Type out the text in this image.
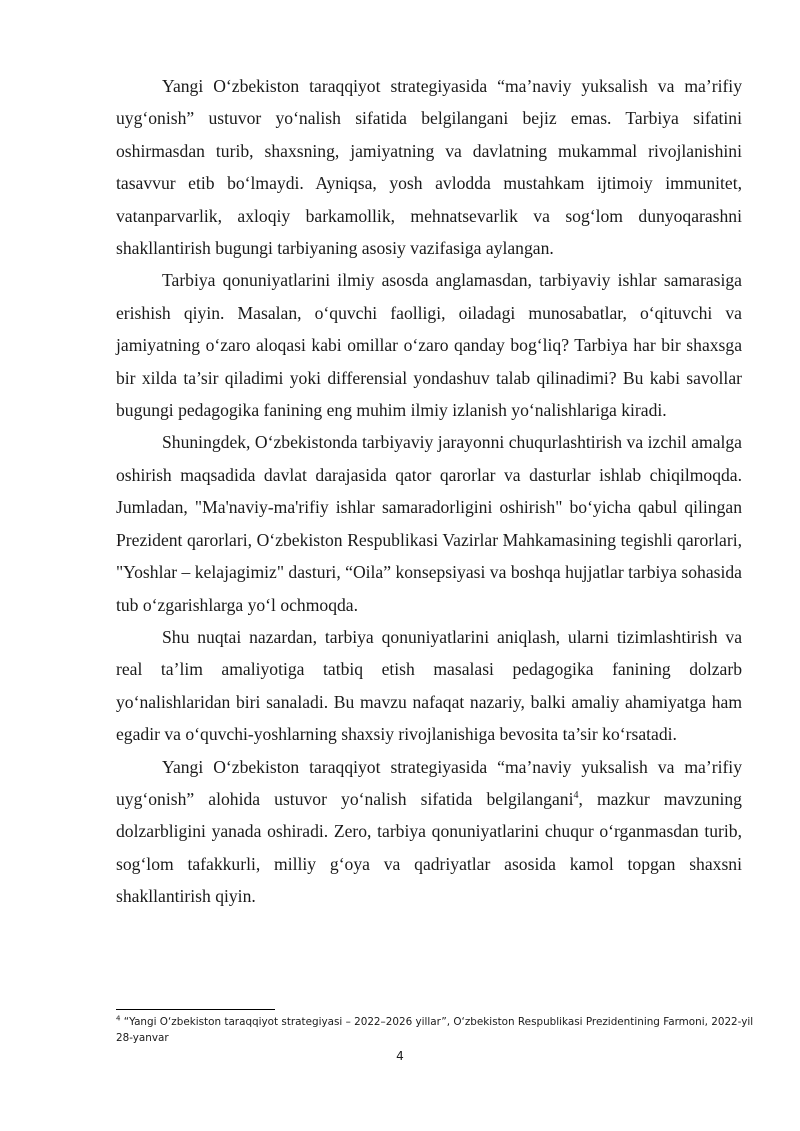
Yangi O‘zbekiston taraqqiyot strategiyasida “ma’naviy yuksalish va ma’rifiy uyg‘onish” ustuvor yo‘nalish sifatida belgilangani bejiz emas. Tarbiya sifatini oshirmasdan turib, shaxsning, jamiyatning va davlatning mukammal rivojlanishini tasavvur etib bo‘lmaydi. Ayniqsa, yosh avlodda mustahkam ijtimoiy immunitet, vatanparvarlik, axloqiy barkamollik, mehnatsevarlik va sog‘lom dunyoqarashni shakllantirish bugungi tarbiyaning asosiy vazifasiga aylangan.

Tarbiya qonuniyatlarini ilmiy asosda anglamasdan, tarbiyaviy ishlar samarasiga erishish qiyin. Masalan, o‘quvchi faolligi, oiladagi munosabatlar, o‘qituvchi va jamiyatning o‘zaro aloqasi kabi omillar o‘zaro qanday bog‘liq? Tarbiya har bir shaxsga bir xilda ta’sir qiladimi yoki differensial yondashuv talab qilinadimi? Bu kabi savollar bugungi pedagogika fanining eng muhim ilmiy izlanish yo‘nalishlariga kiradi.

Shuningdek, O‘zbekistonda tarbiyaviy jarayonni chuqurlashtirish va izchil amalga oshirish maqsadida davlat darajasida qator qarorlar va dasturlar ishlab chiqilmoqda. Jumladan, "Ma'naviy-ma'rifiy ishlar samaradorligini oshirish" bo‘yicha qabul qilingan Prezident qarorlari, O‘zbekiston Respublikasi Vazirlar Mahkamasining tegishli qarorlari, "Yoshlar – kelajagimiz" dasturi, “Oila” konsepsiyasi va boshqa hujjatlar tarbiya sohasida tub o‘zgarishlarga yo‘l ochmoqda.

Shu nuqtai nazardan, tarbiya qonuniyatlarini aniqlash, ularni tizimlashtirish va real ta’lim amaliyotiga tatbiq etish masalasi pedagogika fanining dolzarb yo‘nalishlaridan biri sanaladi. Bu mavzu nafaqat nazariy, balki amaliy ahamiyatga ham egadir va o‘quvchi-yoshlarning shaxsiy rivojlanishiga bevosita ta’sir ko‘rsatadi.

Yangi O‘zbekiston taraqqiyot strategiyasida “ma’naviy yuksalish va ma’rifiy uyg‘onish” alohida ustuvor yo‘nalish sifatida belgilangani$^4$, mazkur mavzuning dolzarbligini yanada oshiradi. Zero, tarbiya qonuniyatlarini chuqur o‘rganmasdan turib, sog‘lom tafakkurli, milliy g‘oya va qadriyatlar asosida kamol topgan shaxsni shakllantirish qiyin.

$^4$ “Yangi O‘zbekiston taraqqiyot strategiyasi – 2022–2026 yillar”, O‘zbekiston Respublikasi Prezidentining Farmoni, 2022-yil 28-yanvar
4
